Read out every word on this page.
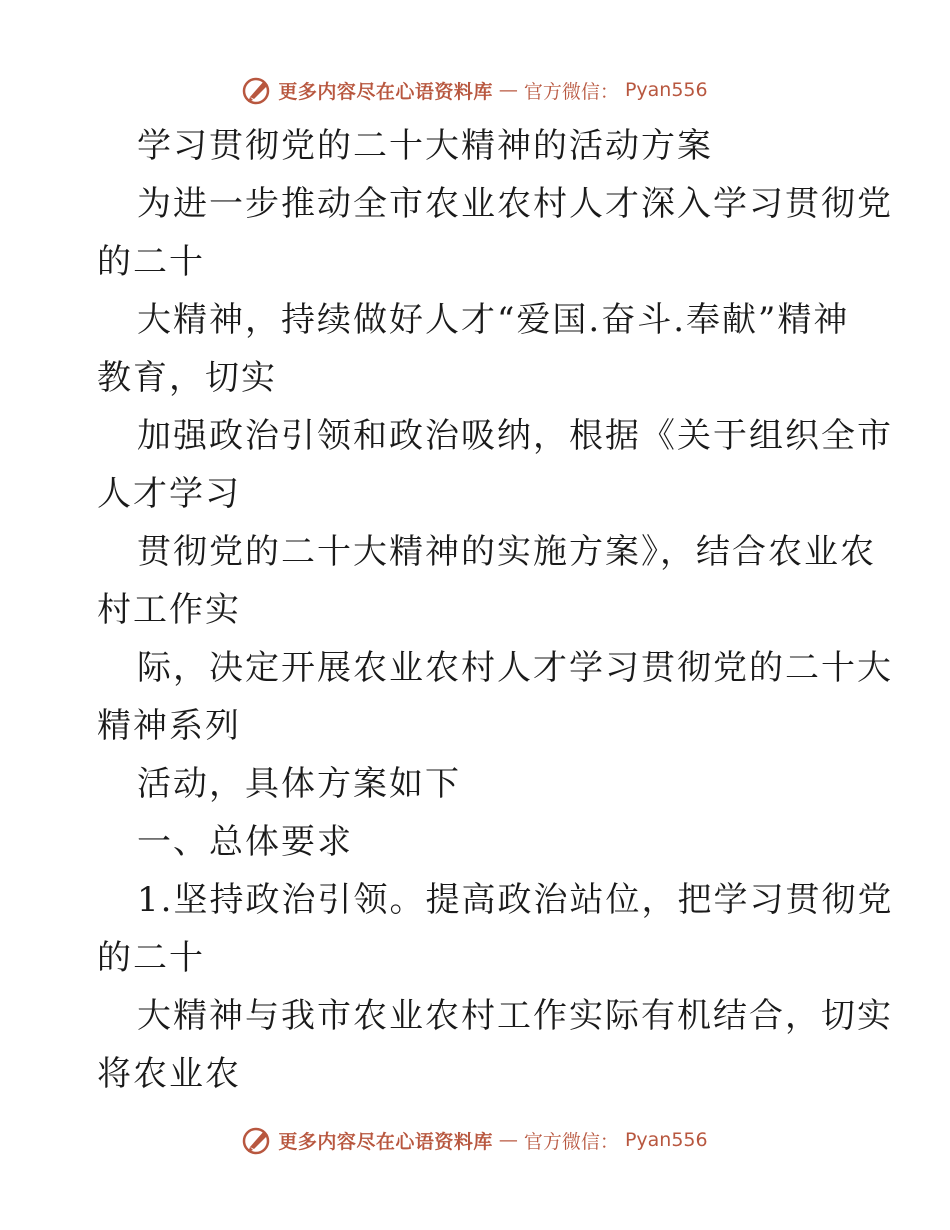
更多内容尽在心语资料库 — 官方微信： Pyan556
学习贯彻党的二十大精神的活动方案
为进一步推动全市农业农村人才深入学习贯彻党
的二十
大精神，持续做好人才“爱国.奋斗.奉献”精神
教育，切实
加强政治引领和政治吸纳，根据《关于组织全市
人才学习
贯彻党的二十大精神的实施方案》，结合农业农
村工作实
际，决定开展农业农村人才学习贯彻党的二十大
精神系列
活动，具体方案如下
一、总体要求
1.坚持政治引领。提高政治站位，把学习贯彻党
的二十
大精神与我市农业农村工作实际有机结合，切实
将农业农
更多内容尽在心语资料库 — 官方微信： Pyan556
